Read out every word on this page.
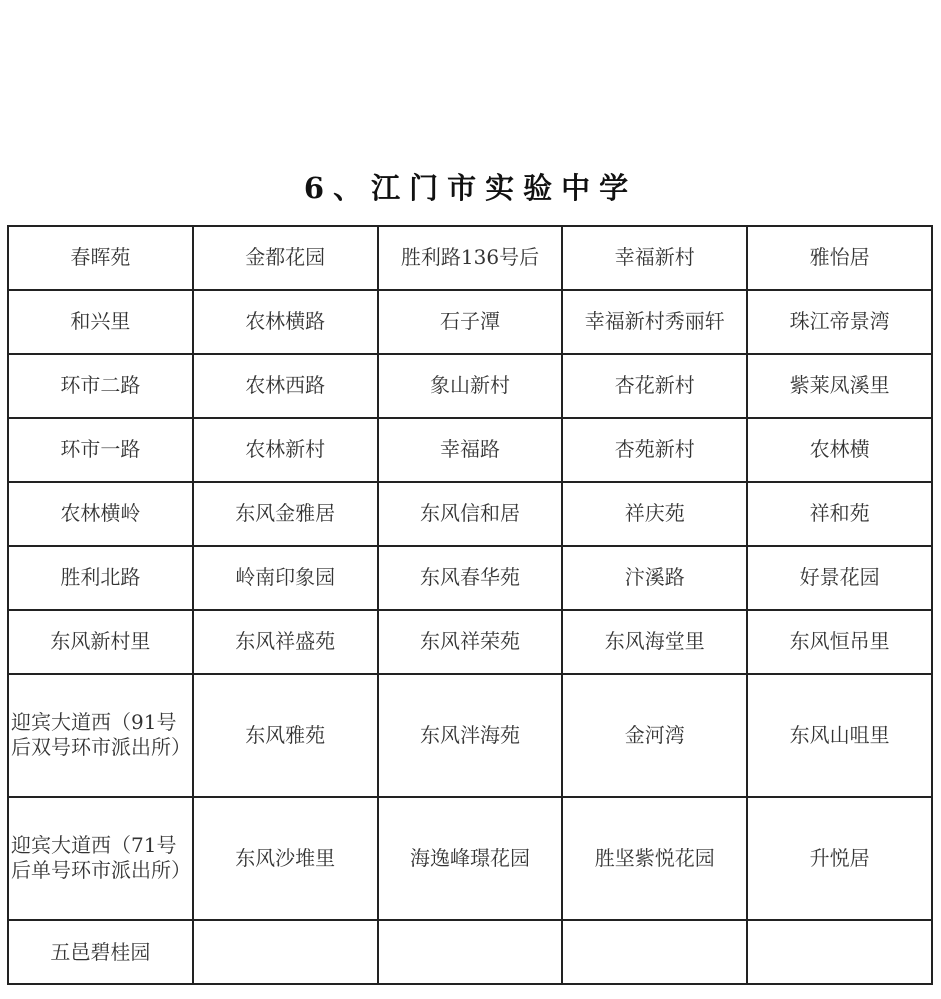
6、江门市实验中学
春晖苑	金都花园	胜利路136号后	幸福新村	雅怡居
和兴里	农林横路	石子潭	幸福新村秀丽轩	珠江帝景湾
环市二路	农林西路	象山新村	杏花新村	紫莱凤溪里
环市一路	农林新村	幸福路	杏苑新村	农林横
农林横岭	东风金雅居	东风信和居	祥庆苑	祥和苑
胜利北路	岭南印象园	东风春华苑	汴溪路	好景花园
东风新村里	东风祥盛苑	东风祥荣苑	东风海堂里	东风恒吊里
迎宾大道西（91号后双号环市派出所）	东风雅苑	东风泮海苑	金河湾	东风山咀里
迎宾大道西（71号后单号环市派出所）	东风沙堆里	海逸峰璟花园	胜坚紫悦花园	升悦居
五邑碧桂园				
